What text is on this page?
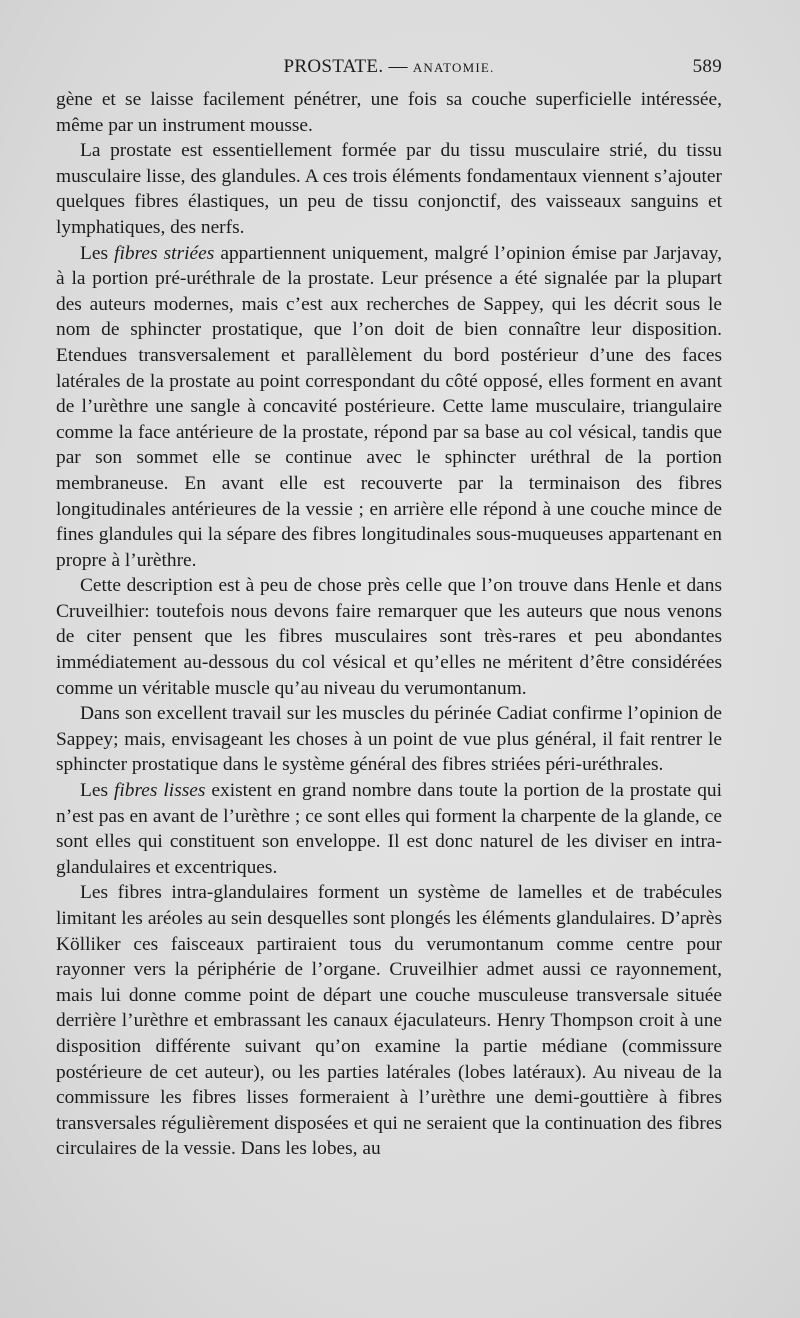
PROSTATE. — ANATOMIE.	589

gène et se laisse facilement pénétrer, une fois sa couche superficielle intéressée, même par un instrument mousse.

La prostate est essentiellement formée par du tissu musculaire strié, du tissu musculaire lisse, des glandules. A ces trois éléments fondamentaux viennent s’ajouter quelques fibres élastiques, un peu de tissu conjonctif, des vaisseaux sanguins et lymphatiques, des nerfs.

Les fibres striées appartiennent uniquement, malgré l’opinion émise par Jarjavay, à la portion pré-uréthrale de la prostate. Leur présence a été signalée par la plupart des auteurs modernes, mais c’est aux recherches de Sappey, qui les décrit sous le nom de sphincter prostatique, que l’on doit de bien connaître leur disposition. Etendues transversalement et parallèlement du bord postérieur d’une des faces latérales de la prostate au point correspondant du côté opposé, elles forment en avant de l’urèthre une sangle à concavité postérieure. Cette lame musculaire, triangulaire comme la face antérieure de la prostate, répond par sa base au col vésical, tandis que par son sommet elle se continue avec le sphincter uréthral de la portion membraneuse. En avant elle est recouverte par la terminaison des fibres longitudinales antérieures de la vessie ; en arrière elle répond à une couche mince de fines glandules qui la sépare des fibres longitudinales sous-muqueuses appartenant en propre à l’urèthre.

Cette description est à peu de chose près celle que l’on trouve dans Henle et dans Cruveilhier: toutefois nous devons faire remarquer que les auteurs que nous venons de citer pensent que les fibres musculaires sont très-rares et peu abondantes immédiatement au-dessous du col vésical et qu’elles ne méritent d’être considérées comme un véritable muscle qu’au niveau du verumontanum.

Dans son excellent travail sur les muscles du périnée Cadiat confirme l’opinion de Sappey; mais, envisageant les choses à un point de vue plus général, il fait rentrer le sphincter prostatique dans le système général des fibres striées péri-uréthrales.

Les fibres lisses existent en grand nombre dans toute la portion de la prostate qui n’est pas en avant de l’urèthre ; ce sont elles qui forment la charpente de la glande, ce sont elles qui constituent son enveloppe. Il est donc naturel de les diviser en intra-glandulaires et excentriques.

Les fibres intra-glandulaires forment un système de lamelles et de trabécules limitant les aréoles au sein desquelles sont plongés les éléments glandulaires. D’après Kölliker ces faisceaux partiraient tous du verumontanum comme centre pour rayonner vers la périphérie de l’organe. Cruveilhier admet aussi ce rayonnement, mais lui donne comme point de départ une couche musculeuse transversale située derrière l’urèthre et embrassant les canaux éjaculateurs. Henry Thompson croit à une disposition différente suivant qu’on examine la partie médiane (commissure postérieure de cet auteur), ou les parties latérales (lobes latéraux). Au niveau de la commissure les fibres lisses formeraient à l’urèthre une demi-gouttière à fibres transversales régulièrement disposées et qui ne seraient que la continuation des fibres circulaires de la vessie. Dans les lobes, au
